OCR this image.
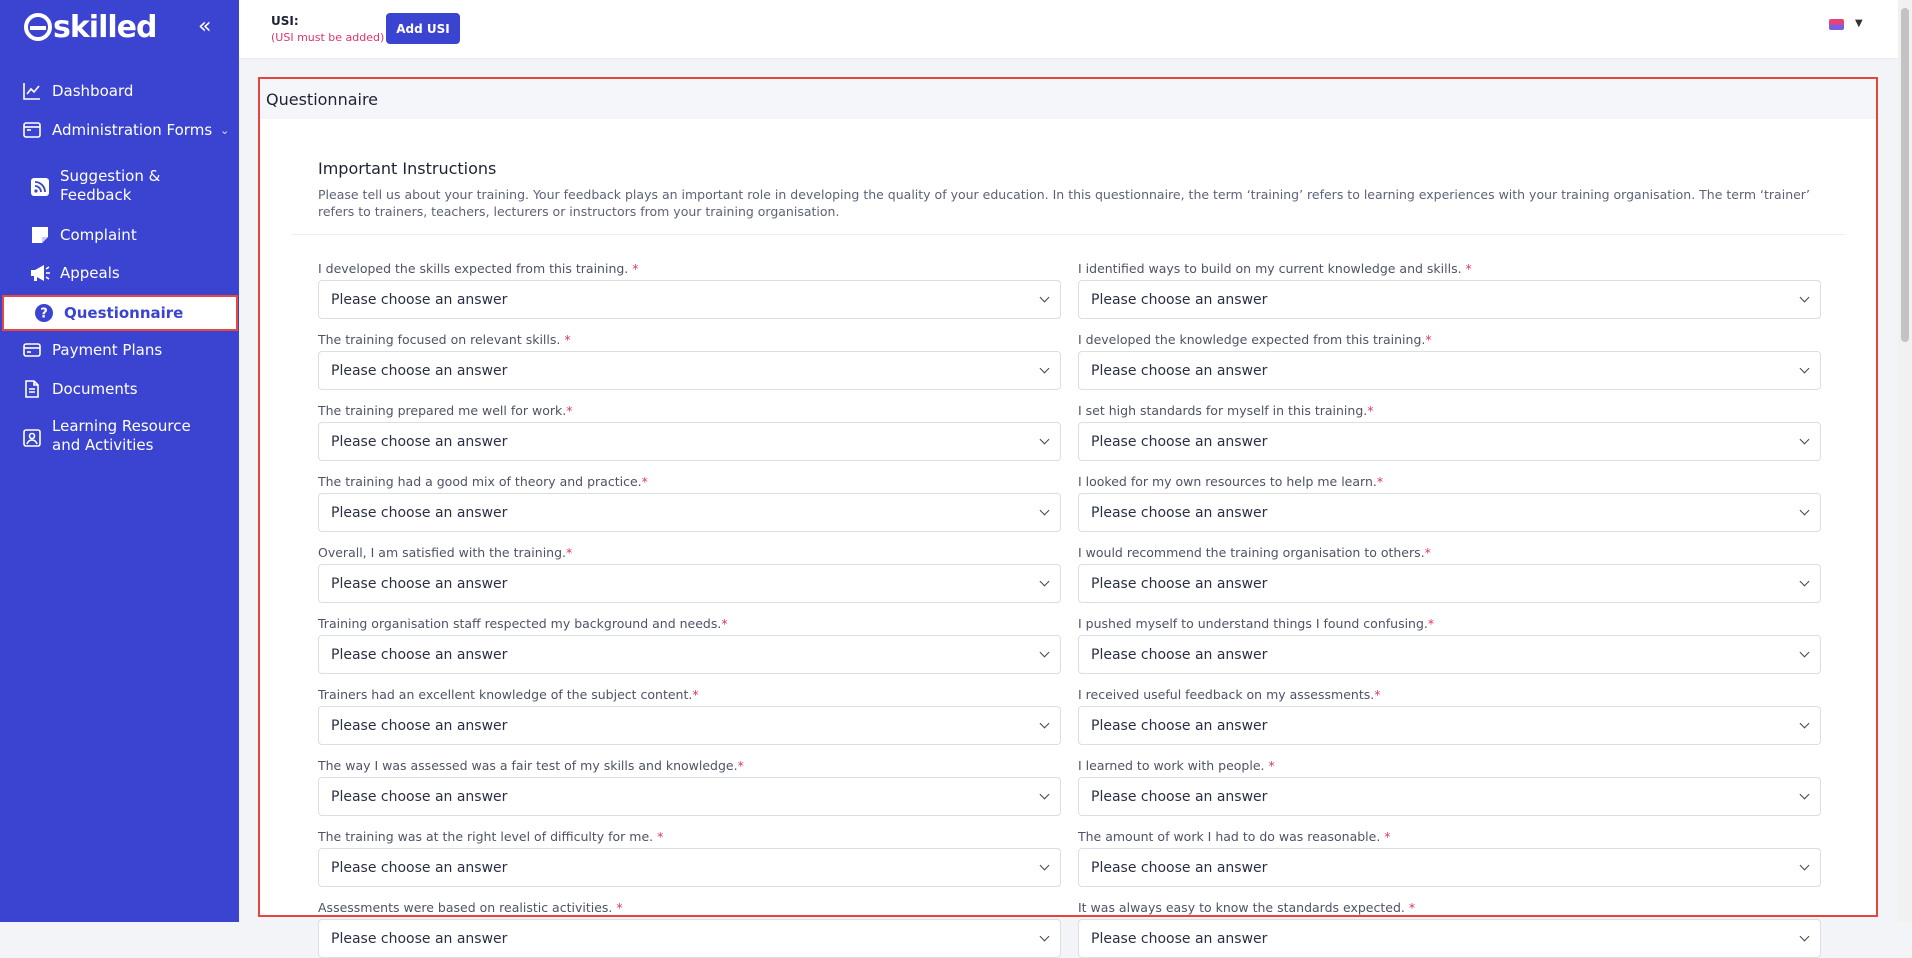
skilled «
Dashboard
Administration Forms ⌄
Suggestion & Feedback
Complaint
Appeals
? Questionnaire
Payment Plans
Documents
Learning Resource and Activities
USI:
(USI must be added)
Add USI	▼
Questionnaire
Important Instructions
Please tell us about your training. Your feedback plays an important role in developing the quality of your education. In this questionnaire, the term ‘training’ refers to learning experiences with your training organisation. The term ‘trainer’ refers to trainers, teachers, lecturers or instructors from your training organisation.
I developed the skills expected from this training. *
Please choose an answer
The training focused on relevant skills. *
Please choose an answer
The training prepared me well for work.*
Please choose an answer
The training had a good mix of theory and practice.*
Please choose an answer
Overall, I am satisfied with the training.*
Please choose an answer
Training organisation staff respected my background and needs.*
Please choose an answer
Trainers had an excellent knowledge of the subject content.*
Please choose an answer
The way I was assessed was a fair test of my skills and knowledge.*
Please choose an answer
The training was at the right level of difficulty for me. *
Please choose an answer
Assessments were based on realistic activities. *
Please choose an answer
I identified ways to build on my current knowledge and skills. *
Please choose an answer
I developed the knowledge expected from this training.*
Please choose an answer
I set high standards for myself in this training.*
Please choose an answer
I looked for my own resources to help me learn.*
Please choose an answer
I would recommend the training organisation to others.*
Please choose an answer
I pushed myself to understand things I found confusing.*
Please choose an answer
I received useful feedback on my assessments.*
Please choose an answer
I learned to work with people. *
Please choose an answer
The amount of work I had to do was reasonable. *
Please choose an answer
It was always easy to know the standards expected. *
Please choose an answer
